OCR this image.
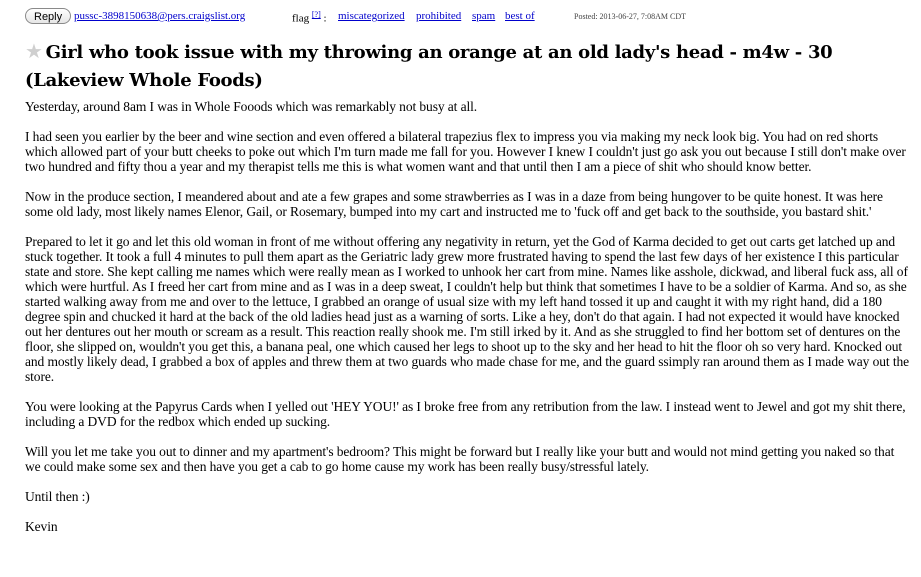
Reply	pussc-3898150638@pers.craigslist.org	flag [?] : miscategorized prohibited spam best of	Posted: 2013-06-27, 7:08AM CDT
★ Girl who took issue with my throwing an orange at an old lady's head - m4w - 30 (Lakeview Whole Foods)

Yesterday, around 8am I was in Whole Fooods which was remarkably not busy at all.

I had seen you earlier by the beer and wine section and even offered a bilateral trapezius flex to impress you via making my neck look big. You had on red shorts which allowed part of your butt cheeks to poke out which I'm turn made me fall for you. However I knew I couldn't just go ask you out because I still don't make over two hundred and fifty thou a year and my therapist tells me this is what women want and that until then I am a piece of shit who should know better.

Now in the produce section, I meandered about and ate a few grapes and some strawberries as I was in a daze from being hungover to be quite honest. It was here some old lady, most likely names Elenor, Gail, or Rosemary, bumped into my cart and instructed me to 'fuck off and get back to the southside, you bastard shit.'

Prepared to let it go and let this old woman in front of me without offering any negativity in return, yet the God of Karma decided to get out carts get latched up and stuck together. It took a full 4 minutes to pull them apart as the Geriatric lady grew more frustrated having to spend the last few days of her existence I this particular state and store. She kept calling me names which were really mean as I worked to unhook her cart from mine. Names like asshole, dickwad, and liberal fuck ass, all of which were hurtful. As I freed her cart from mine and as I was in a deep sweat, I couldn't help but think that sometimes I have to be a soldier of Karma. And so, as she started walking away from me and over to the lettuce, I grabbed an orange of usual size with my left hand tossed it up and caught it with my right hand, did a 180 degree spin and chucked it hard at the back of the old ladies head just as a warning of sorts. Like a hey, don't do that again. I had not expected it would have knocked out her dentures out her mouth or scream as a result. This reaction really shook me. I'm still irked by it. And as she struggled to find her bottom set of dentures on the floor, she slipped on, wouldn't you get this, a banana peal, one which caused her legs to shoot up to the sky and her head to hit the floor oh so very hard. Knocked out and mostly likely dead, I grabbed a box of apples and threw them at two guards who made chase for me, and the guard ssimply ran around them as I made way out the store.

You were looking at the Papyrus Cards when I yelled out 'HEY YOU!' as I broke free from any retribution from the law. I instead went to Jewel and got my shit there, including a DVD for the redbox which ended up sucking.

Will you let me take you out to dinner and my apartment's bedroom? This might be forward but I really like your butt and would not mind getting you naked so that we could make some sex and then have you get a cab to go home cause my work has been really busy/stressful lately.

Until then :)

Kevin
